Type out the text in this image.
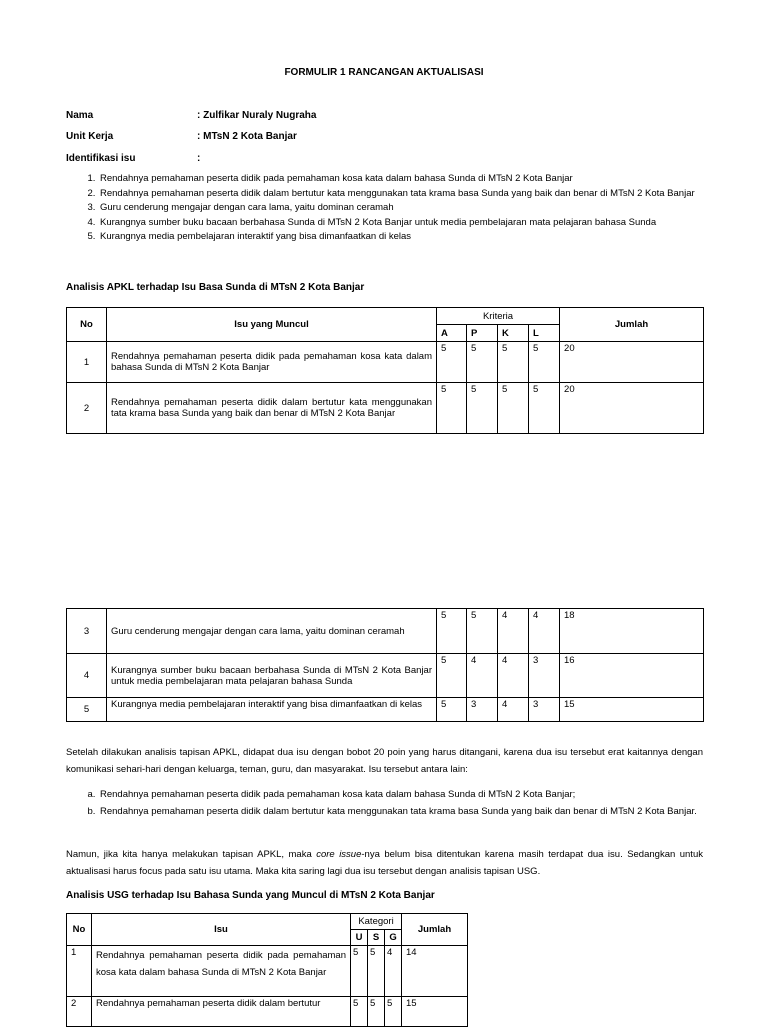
FORMULIR 1 RANCANGAN AKTUALISASI
Nama	: Zulfikar Nuraly Nugraha
Unit Kerja	: MTsN 2 Kota Banjar
Identifikasi isu	:
1. Rendahnya pemahaman peserta didik pada pemahaman kosa kata dalam bahasa Sunda di MTsN 2 Kota Banjar
2. Rendahnya pemahaman peserta didik dalam bertutur kata menggunakan tata krama basa Sunda yang baik dan benar di MTsN 2 Kota Banjar
3. Guru cenderung mengajar dengan cara lama, yaitu dominan ceramah
4. Kurangnya sumber buku bacaan berbahasa Sunda di MTsN 2 Kota Banjar untuk media pembelajaran mata pelajaran bahasa Sunda
5. Kurangnya media pembelajaran interaktif yang bisa dimanfaatkan di kelas
Analisis APKL terhadap Isu Basa Sunda di MTsN 2 Kota Banjar
No	Isu yang Muncul	Kriteria				Jumlah
		A	P	K	L	
1	Rendahnya pemahaman peserta didik pada pemahaman kosa kata dalam bahasa Sunda di MTsN 2 Kota Banjar	5	5	5	5	20
2	Rendahnya pemahaman peserta didik dalam bertutur kata menggunakan tata krama basa Sunda yang baik dan benar di MTsN 2 Kota Banjar	5	5	5	5	20
3	Guru cenderung mengajar dengan cara lama, yaitu dominan ceramah	5	5	4	4	18
4	Kurangnya sumber buku bacaan berbahasa Sunda di MTsN 2 Kota Banjar untuk media pembelajaran mata pelajaran bahasa Sunda	5	4	4	3	16
5	Kurangnya media pembelajaran interaktif yang bisa dimanfaatkan di kelas	5	3	4	3	15

Setelah dilakukan analisis tapisan APKL, didapat dua isu dengan bobot 20 poin yang harus ditangani, karena dua isu tersebut erat kaitannya dengan komunikasi sehari-hari dengan keluarga, teman, guru, dan masyarakat. Isu tersebut antara lain:

a. Rendahnya pemahaman peserta didik pada pemahaman kosa kata dalam bahasa Sunda di MTsN 2 Kota Banjar;
b. Rendahnya pemahaman peserta didik dalam bertutur kata menggunakan tata krama basa Sunda yang baik dan benar di MTsN 2 Kota Banjar.

Namun, jika kita hanya melakukan tapisan APKL, maka core issue-nya belum bisa ditentukan karena masih terdapat dua isu. Sedangkan untuk aktualisasi harus focus pada satu isu utama. Maka kita saring lagi dua isu tersebut dengan analisis tapisan USG.

Analisis USG terhadap Isu Bahasa Sunda yang Muncul di MTsN 2 Kota Banjar
No	Isu	Kategori			Jumlah
		U	S	G	
1	Rendahnya pemahaman peserta didik pada pemahaman kosa kata dalam bahasa Sunda di MTsN 2 Kota Banjar	5	5	4	14
2	Rendahnya pemahaman peserta didik dalam bertutur	5	5	5	15
